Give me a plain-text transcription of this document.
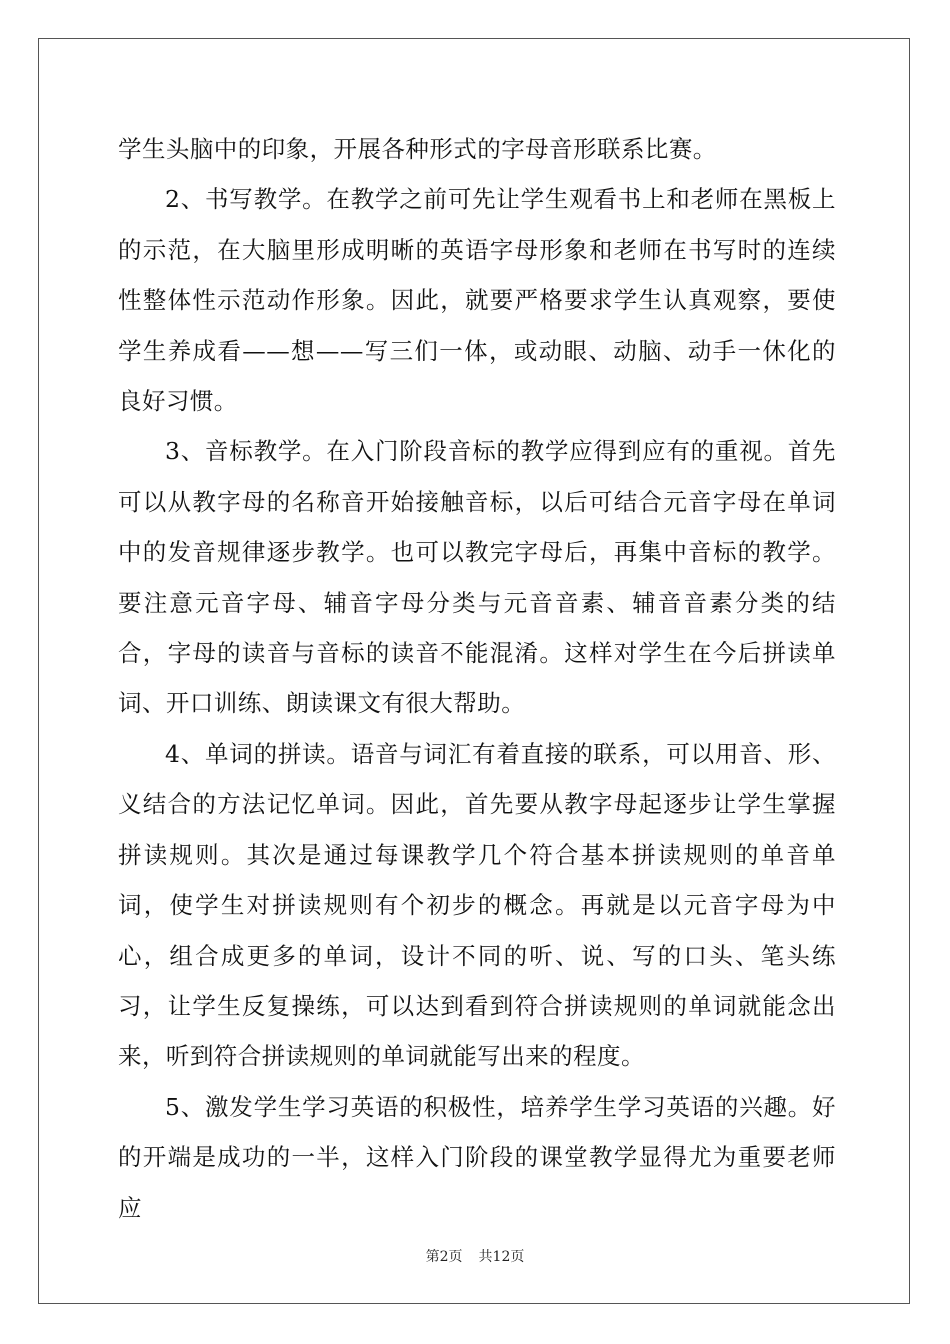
学生头脑中的印象，开展各种形式的字母音形联系比赛。

2、书写教学。在教学之前可先让学生观看书上和老师在黑板上的示范，在大脑里形成明晰的英语字母形象和老师在书写时的连续性整体性示范动作形象。因此，就要严格要求学生认真观察，要使学生养成看——想——写三们一体，或动眼、动脑、动手一休化的良好习惯。

3、音标教学。在入门阶段音标的教学应得到应有的重视。首先可以从教字母的名称音开始接触音标，以后可结合元音字母在单词中的发音规律逐步教学。也可以教完字母后，再集中音标的教学。要注意元音字母、辅音字母分类与元音音素、辅音音素分类的结合，字母的读音与音标的读音不能混淆。这样对学生在今后拼读单词、开口训练、朗读课文有很大帮助。

4、单词的拼读。语音与词汇有着直接的联系，可以用音、形、义结合的方法记忆单词。因此，首先要从教字母起逐步让学生掌握拼读规则。其次是通过每课教学几个符合基本拼读规则的单音单词，使学生对拼读规则有个初步的概念。再就是以元音字母为中心，组合成更多的单词，设计不同的听、说、写的口头、笔头练习，让学生反复操练，可以达到看到符合拼读规则的单词就能念出来，听到符合拼读规则的单词就能写出来的程度。

5、激发学生学习英语的积极性，培养学生学习英语的兴趣。好的开端是成功的一半，这样入门阶段的课堂教学显得尤为重要老师应

第2页 共12页
